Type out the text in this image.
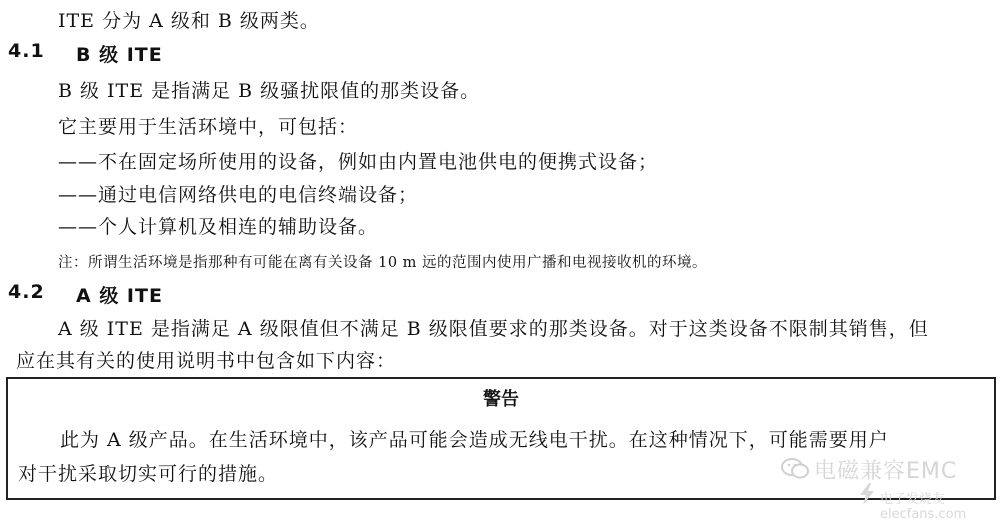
ITE 分为 A 级和 B 级两类。
4.1 B 级 ITE
B 级 ITE 是指满足 B 级骚扰限值的那类设备。
它主要用于生活环境中，可包括：
——不在固定场所使用的设备，例如由内置电池供电的便携式设备；
——通过电信网络供电的电信终端设备；
——个人计算机及相连的辅助设备。
注：所谓生活环境是指那种有可能在离有关设备 10 m 远的范围内使用广播和电视接收机的环境。
4.2 A 级 ITE
A 级 ITE 是指满足 A 级限值但不满足 B 级限值要求的那类设备。对于这类设备不限制其销售，但
应在其有关的使用说明书中包含如下内容：
警告
此为 A 级产品。在生活环境中，该产品可能会造成无线电干扰。在这种情况下，可能需要用户
对干扰采取切实可行的措施。	电磁兼容EMC
电子发烧友 elecfans.com
